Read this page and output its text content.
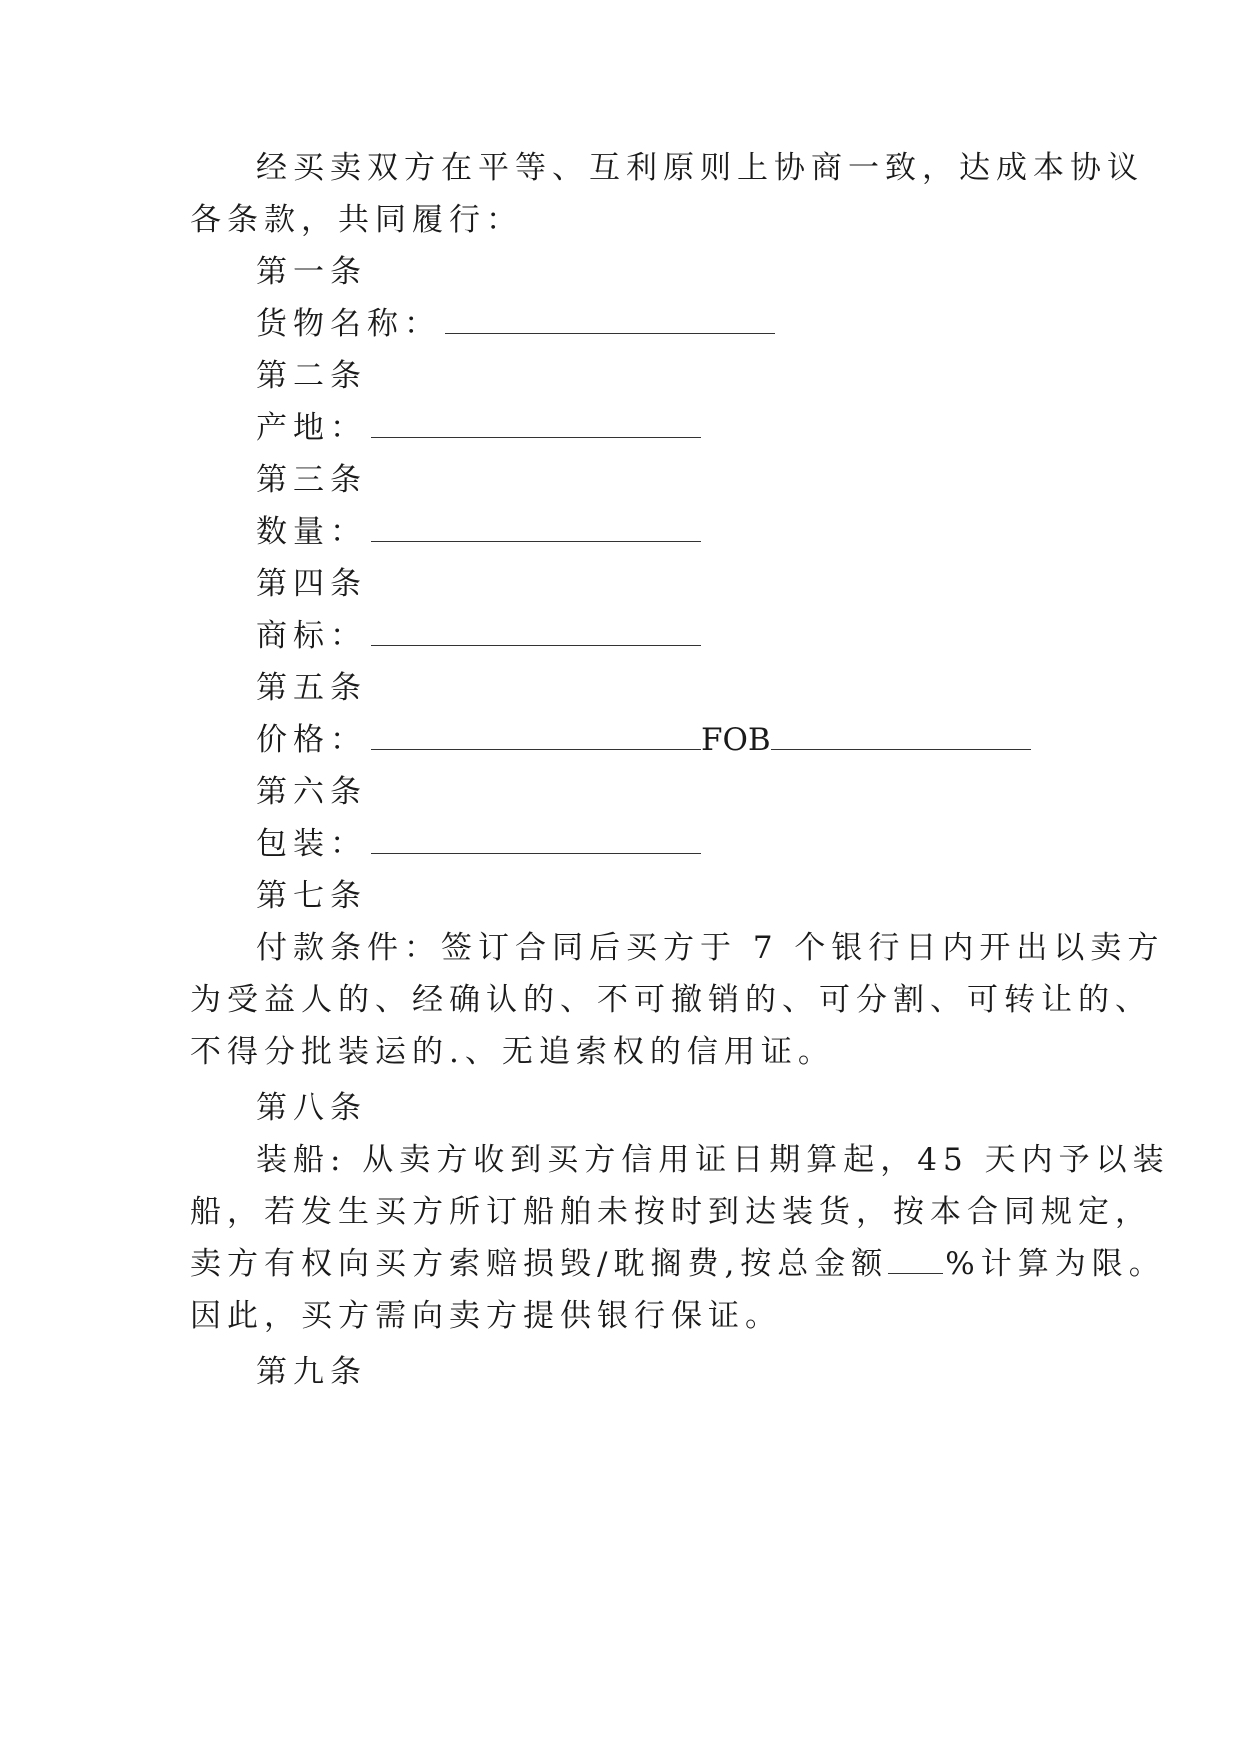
经买卖双方在平等、互利原则上协商一致，达成本协议
各条款，共同履行：
第一条
货物名称：
第二条
产地：
第三条
数量：
第四条
商标：
第五条
价格：	FOB
第六条
包装：
第七条
付款条件：签订合同后买方于 7 个银行日内开出以卖方
为受益人的、经确认的、不可撤销的、可分割、可转让的、
不得分批装运的.、无追索权的信用证。
第八条
装船: 从卖方收到买方信用证日期算起，45 天内予以装
船，若发生买方所订船舶未按时到达装货，按本合同规定，
卖方有权向买方索赔损毁/耽搁费,按总金额 %计算为限。
因此，买方需向卖方提供银行保证。
第九条
